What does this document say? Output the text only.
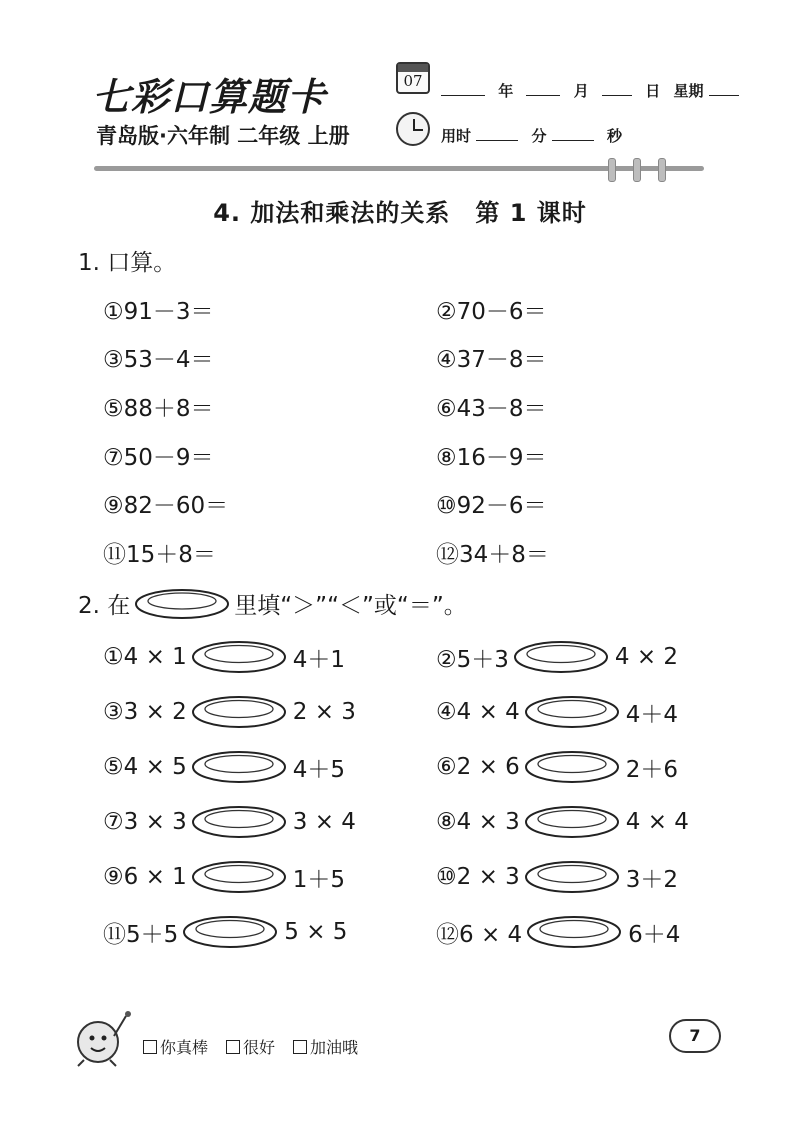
七彩口算题卡
青岛版·六年制 二年级 上册
07
年	月	日 星期
用时	分	秒
4. 加法和乘法的关系　第 1 课时
1. 口算。
①91－3＝	②70－6＝
③53－4＝	④37－8＝
⑤88＋8＝	⑥43－8＝
⑦50－9＝	⑧16－9＝
⑨82－60＝	⑩92－6＝
⑪15＋8＝	⑫34＋8＝
2. 在	里填“＞”“＜”或“＝”。
①4 × 1	4＋1	②5＋3	4 × 2
③3 × 2	2 × 3	④4 × 4	4＋4
⑤4 × 5	4＋5	⑥2 × 6	2＋6
⑦3 × 3	3 × 4	⑧4 × 3	4 × 4
⑨6 × 1	1＋5	⑩2 × 3	3＋2
⑪5＋5	5 × 5	⑫6 × 4	6＋4
你真棒	很好	加油哦
7
